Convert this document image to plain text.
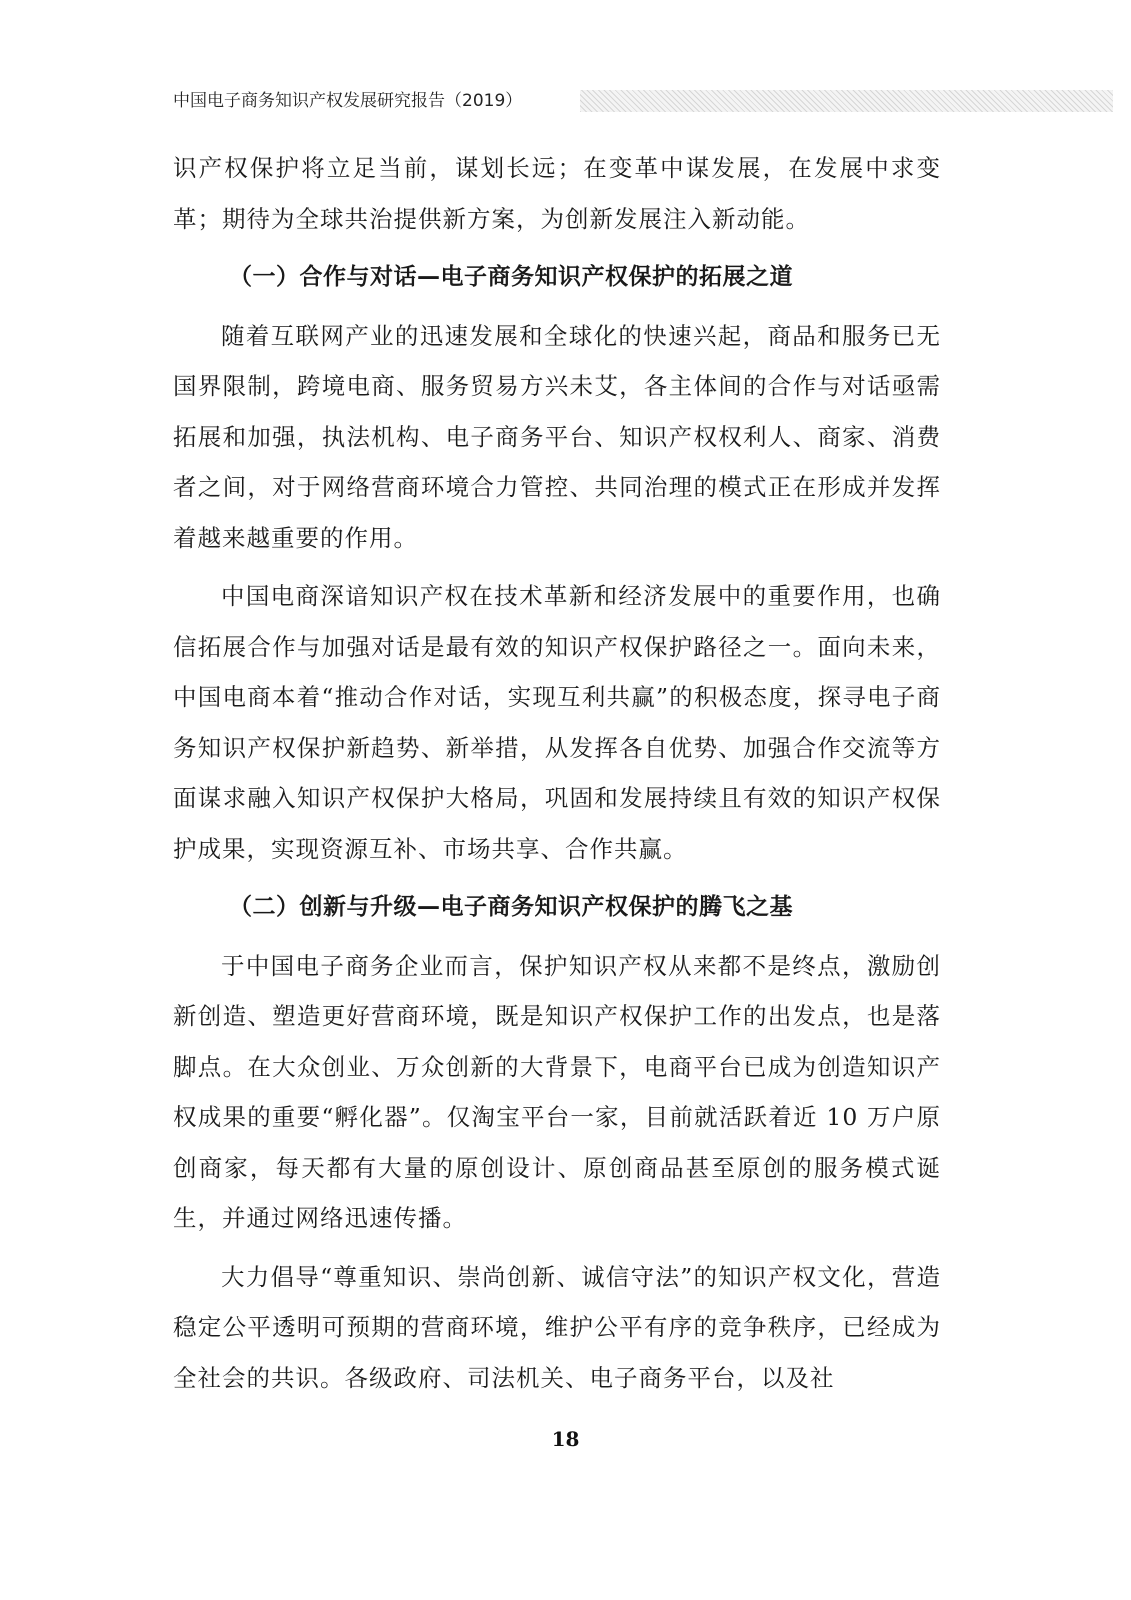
中国电子商务知识产权发展研究报告（2019）

识产权保护将立足当前，谋划长远；在变革中谋发展，在发展中求变革；期待为全球共治提供新方案，为创新发展注入新动能。

（一）合作与对话—电子商务知识产权保护的拓展之道

随着互联网产业的迅速发展和全球化的快速兴起，商品和服务已无国界限制，跨境电商、服务贸易方兴未艾，各主体间的合作与对话亟需拓展和加强，执法机构、电子商务平台、知识产权权利人、商家、消费者之间，对于网络营商环境合力管控、共同治理的模式正在形成并发挥着越来越重要的作用。

中国电商深谙知识产权在技术革新和经济发展中的重要作用，也确信拓展合作与加强对话是最有效的知识产权保护路径之一。面向未来，中国电商本着“推动合作对话，实现互利共赢”的积极态度，探寻电子商务知识产权保护新趋势、新举措，从发挥各自优势、加强合作交流等方面谋求融入知识产权保护大格局，巩固和发展持续且有效的知识产权保护成果，实现资源互补、市场共享、合作共赢。

（二）创新与升级—电子商务知识产权保护的腾飞之基

于中国电子商务企业而言，保护知识产权从来都不是终点，激励创新创造、塑造更好营商环境，既是知识产权保护工作的出发点，也是落脚点。在大众创业、万众创新的大背景下，电商平台已成为创造知识产权成果的重要“孵化器”。仅淘宝平台一家，目前就活跃着近 10 万户原创商家，每天都有大量的原创设计、原创商品甚至原创的服务模式诞生，并通过网络迅速传播。

大力倡导“尊重知识、崇尚创新、诚信守法”的知识产权文化，营造稳定公平透明可预期的营商环境，维护公平有序的竞争秩序，已经成为全社会的共识。各级政府、司法机关、电子商务平台，以及社

18
